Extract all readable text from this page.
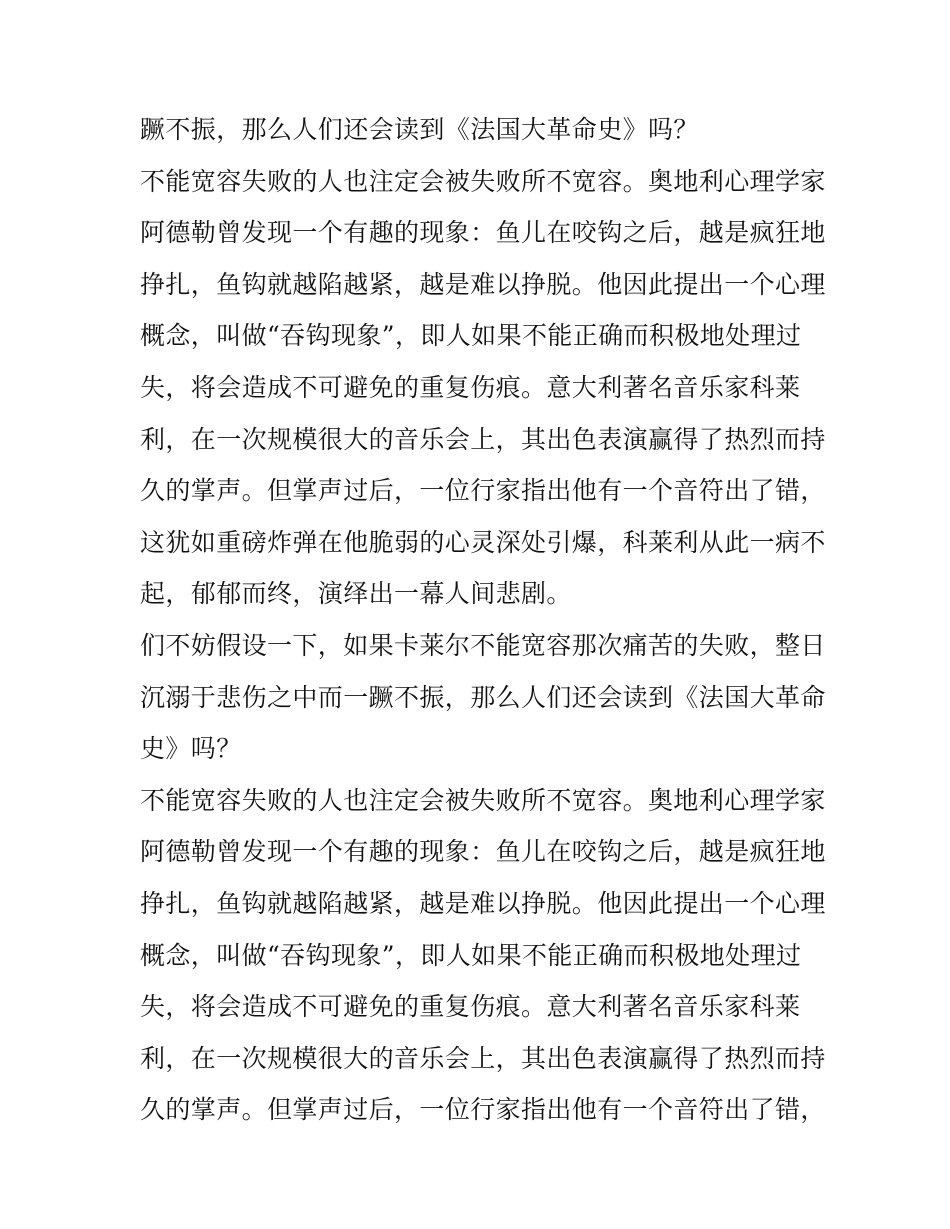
蹶不振，那么人们还会读到《法国大革命史》吗？
不能宽容失败的人也注定会被失败所不宽容。奥地利心理学家
阿德勒曾发现一个有趣的现象：鱼儿在咬钩之后，越是疯狂地
挣扎，鱼钩就越陷越紧，越是难以挣脱。他因此提出一个心理
概念，叫做“吞钩现象”，即人如果不能正确而积极地处理过
失，将会造成不可避免的重复伤痕。意大利著名音乐家科莱
利，在一次规模很大的音乐会上，其出色表演赢得了热烈而持
久的掌声。但掌声过后，一位行家指出他有一个音符出了错，
这犹如重磅炸弹在他脆弱的心灵深处引爆，科莱利从此一病不
起，郁郁而终，演绎出一幕人间悲剧。
们不妨假设一下，如果卡莱尔不能宽容那次痛苦的失败，整日
沉溺于悲伤之中而一蹶不振，那么人们还会读到《法国大革命
史》吗？
不能宽容失败的人也注定会被失败所不宽容。奥地利心理学家
阿德勒曾发现一个有趣的现象：鱼儿在咬钩之后，越是疯狂地
挣扎，鱼钩就越陷越紧，越是难以挣脱。他因此提出一个心理
概念，叫做“吞钩现象”，即人如果不能正确而积极地处理过
失，将会造成不可避免的重复伤痕。意大利著名音乐家科莱
利，在一次规模很大的音乐会上，其出色表演赢得了热烈而持
久的掌声。但掌声过后，一位行家指出他有一个音符出了错，
